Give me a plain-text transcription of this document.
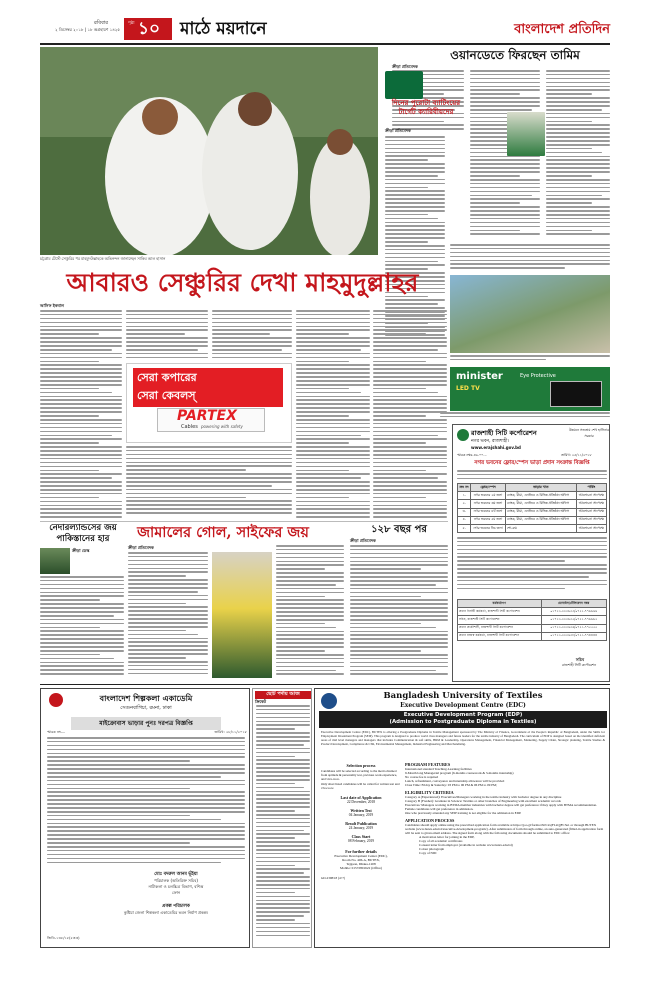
রবিবার
২ ডিসেম্বর ২০১৮ | ১৮ অগ্রহায়ণ ১৪২৫
পৃষ্ঠা ১০	মাঠে ময়দানে	বাংলাদেশ প্রতিদিন
চট্টগ্রাম টেস্টে সেঞ্চুরির পর মাহমুদউল্লাহকে অভিনন্দন জানাচ্ছেন সাকিব আল হাসান
ওয়ানডেতে ফিরছেন তামিম
ক্রীড়া প্রতিবেদক
দিনের পুরোটা ব্যাটিংয়ের টার্গেট ক্যারিবীয়দের
ক্রীড়া প্রতিবেদক
minister
LED TV
Eye Protective
আবারও সেঞ্চুরির দেখা মাহমুদুল্লাহর
আসিফ ইকবাল
সেরা কপারের
সেরা কেবলস্
PARTEX
Cables powering with safety
নেদারল্যান্ডসের জয় পাকিস্তানের হার
ক্রীড়া ডেস্ক
জামালের গোল, সাইফের জয়
ক্রীড়া প্রতিবেদক
১২৮ বছর পর
ক্রীড়া প্রতিবেদক
রাজশাহী সিটি কর্পোরেশন
নগর ভবন, রাজশাহী।
www.erajshahi.gov.bd
উন্নয়নে সততায় শেখ হাসিনার সরকার
স্মারক নম্বর-৪৬.০০...	তারিখ: ২৫/১১/২০১৮
নগর ভবনের ফ্লোর/স্পেস ভাড়া প্রদান সংক্রান্ত বিজ্ঞপ্তি
ক্রঃ নং	ফ্লোর/স্পেস	ভাড়ার খাত	পার্কিং
১.	নগর ভবনের ২য় তলা	ব্যাংক, বীমা, এনজিও ও বিভিন্ন প্রতিষ্ঠান অফিস	আলোচনা সাপেক্ষে
২.	নগর ভবনের ৩য় তলা	ব্যাংক, বীমা, এনজিও ও বিভিন্ন প্রতিষ্ঠান অফিস	আলোচনা সাপেক্ষে
৩.	নগর ভবনের ৪র্থ তলা	ব্যাংক, বীমা, এনজিও ও বিভিন্ন প্রতিষ্ঠান অফিস	আলোচনা সাপেক্ষে
৪.	নগর ভবনের ৫ম তলা	ব্যাংক, বীমা, এনজিও ও বিভিন্ন প্রতিষ্ঠান অফিস	আলোচনা সাপেক্ষে
৫.	নগর ভবনের নিচ তলা	শো-রুম	আলোচনা সাপেক্ষে
কর্মকর্তাগণ	মোবাইল/টেলিফোন নম্বর
প্রধান নির্বাহী কর্মকর্তা, রাজশাহী সিটি কর্পোরেশন	০১৭১৩-৩৩৩৬৩৩/০৭২১-৭৭৬৬৬৬
সচিব, রাজশাহী সিটি কর্পোরেশন	০১৭১৩-৩৩৩৬৩৫/০৭২১-৭৭৬৬৬২
প্রধান প্রকৌশলী, রাজশাহী সিটি কর্পোরেশন	০১৭১৩-৩৩৩৬৩৬/০৭২১-৭৭৫৫৫৫
প্রধান রাজস্ব কর্মকর্তা, রাজশাহী সিটি কর্পোরেশন	০১৭১৩-৩৩৩৬৩৮/০৭২১-৭৭৪৪৪৪
সচিব
রাজশাহী সিটি কর্পোরেশন
বাংলাদেশ শিল্পকলা একাডেমি
সেগুনবাগিচা, রমনা, ঢাকা
মাইক্রোবাস ভাড়ার পুনঃ দরপত্র বিজ্ঞপ্তি
স্মারক নং-...	তারিখ: ২৮/১১/২০১৮
মোঃ বদরুল আনম ভূঁইয়া
পরিচালক (অতিরিক্ত সচিব)
নাট্যকলা ও চলচ্চিত্র বিভাগ, বশিঅ
ফোন
প্রকল্প পরিচালক
কুষ্টিয়া জেলা শিল্পকলা একাডেমির ভবন নির্মাণ প্রকল্প।
জিডি-১৩৮/১৮(৫×৩)
ছোট পর্দায় আজ
ক্রিকেট
Bangladesh University of Textiles
Executive Development Centre (EDC)
Executive Development Program (EDP)
(Admission to Postgraduate Diploma in Textiles)
Executive Development Centre (EDC), BUTEX is offering a Postgraduate Diploma in Textile Management sponsored by The Ministry of Finance, Government of the People's Republic of Bangladesh, under the Skills for Employment Investment Program (SEIP). This program is designed to produce world class managers and future leaders for the textile industry of Bangladesh. The curriculum of EDP is designed based on the identified deficient areas of mid level managers and managers that includes Communication & soft skills, HRM & Leadership, Operations Management, Financial Management, Marketing, Supply Chain, Strategic planning, Textile Studies & Product Development, Compliance & CSR, Environmental Management, Industrial Engineering and Merchandising.
Selection process
Candidates will be selected according to the merit obtained from aptitude & personality test, previous work experience, and viva-voce.
Only short listed candidates will be called for written test and viva-voce
Last date of Application
22 December, 2018
Written Test
04 January, 2019
Result Publication
24 January, 2019
Class Start
08 February, 2019
For further details
Executive Development Center (EDC),
Room No. 406-A, BUTEX,
Tejgaon, Dhaka-1208
Mobile: 01572801622 (Office)
GD-2398/18 (4×7)
PROGRAM FEATURES
International standard Teaching-Learning facilities
9-Month long Managerial program (6-months coursework & 3-months internship)
No course fee is required
Lunch, refreshment, conveyance and internship allowance will be provided
Class Time: Friday & Saturday: 03 PM to 06 PM & 06 PM to 09 PM;
ELIGIBILITY CRITERIA
Category A (Experienced): Executives/Managers working in the textile industry with bachelor degree in any discipline
Category B (Fresher): Graduate in Science/ Textiles or other branches of Engineering with excellent academic records
Executives/ Managers working in BTMA member industries with bachelor degree will get preference if they apply with BTMA recommendation.
Female candidates will get preference in admission.
One who previously attended any SEIP training is not eligible for the admission in EDP.
APPLICATION PROCESS
Candidates should apply online using the prescribed application form available at https://goo.gl/forms/zXJCxxjFLxQjFC3u1 or through BUTEX website (www.butex.edu.bd/executive-development-program/). After submission of form through online, an auto-generated (filled-in application form will be sent to given email address. The signed form along with the following documents should be submitted to EDC office:
A motivation letter for joining in the EDP,
Copy of all academic certificates
Consent letter from employer (available in website www.butex.edu.bd)
Colour photograph
Copy of NID
